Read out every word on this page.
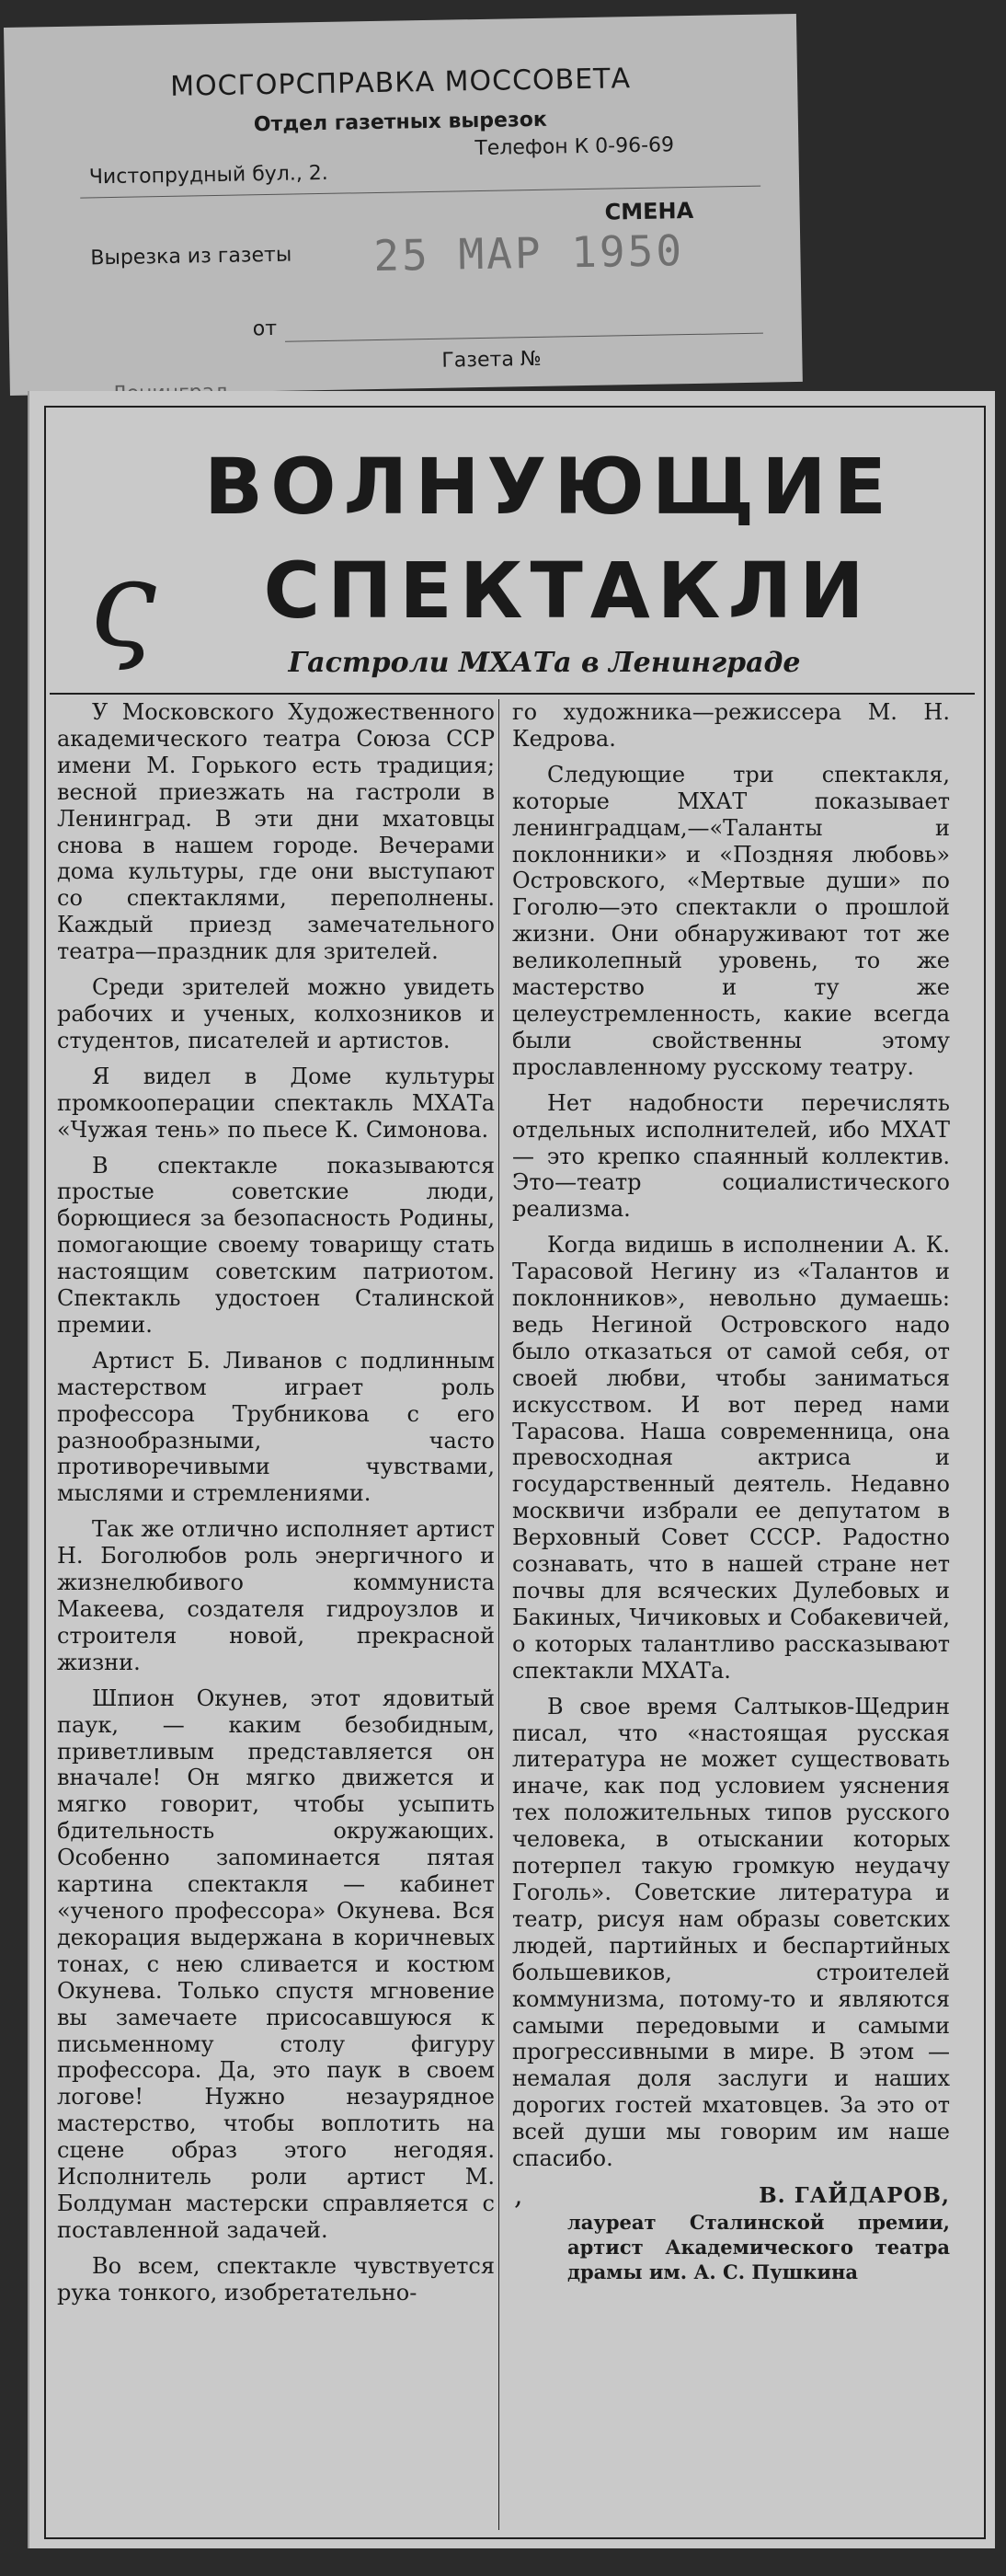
МОСГОРСПРАВКА МОССОВЕТА
Отдел газетных вырезок
Телефон К 0-96-69
Чистопрудный бул., 2.
СМЕНА
Вырезка из газеты 25 МАР 1950
от
Газета №
ВОЛНУЮЩИЕ
ς	СПЕКТАКЛИ
Гастроли МХАТа в Ленинграде

У Московского Художественного академического театра Союза ССР имени М. Горького есть традиция; весной приезжать на гастроли в Ленинград. В эти дни мхатовцы снова в нашем городе. Вечерами дома культуры, где они выступают со спектаклями, переполнены. Каждый приезд замечательного театра—праздник для зрителей.

Среди зрителей можно увидеть рабочих и ученых, колхозников и студентов, писателей и артистов.

Я видел в Доме культуры промкооперации спектакль МХАТа «Чужая тень» по пьесе К. Симонова.

В спектакле показываются простые советские люди, борющиеся за безопасность Родины, помогающие своему товарищу стать настоящим советским патриотом. Спектакль удостоен Сталинской премии.

Артист Б. Ливанов с подлинным мастерством играет роль профессора Трубникова с его разнообразными, часто противоречивыми чувствами, мыслями и стремлениями.

Так же отлично исполняет артист Н. Боголюбов роль энергичного и жизнелюбивого коммуниста Макеева, создателя гидроузлов и строителя новой, прекрасной жизни.

Шпион Окунев, этот ядовитый паук, — каким безобидным, приветливым представляется он вначале! Он мягко движется и мягко говорит, чтобы усыпить бдительность окружающих. Особенно запоминается пятая картина спектакля — кабинет «ученого профессора» Окунева. Вся декорация выдержана в коричневых тонах, с нею сливается и костюм Окунева. Только спустя мгновение вы замечаете присосавшуюся к письменному столу фигуру профессора. Да, это паук в своем логове! Нужно незаурядное мастерство, чтобы воплотить на сцене образ этого негодяя. Исполнитель роли артист М. Болдуман мастерски справляется с поставленной задачей.

Во всем, спектакле чувствуется рука тонкого, изобретательно-

го художника—режиссера М. Н. Кедрова.

Следующие три спектакля, которые МХАТ показывает ленинградцам,—«Таланты и поклонники» и «Поздняя любовь» Островского, «Мертвые души» по Гоголю—это спектакли о прошлой жизни. Они обнаруживают тот же великолепный уровень, то же мастерство и ту же целеустремленность, какие всегда были свойственны этому прославленному русскому театру.

Нет надобности перечислять отдельных исполнителей, ибо МХАТ — это крепко спаянный коллектив. Это—театр социалистического реализма.

Когда видишь в исполнении А. К. Тарасовой Негину из «Талантов и поклонников», невольно думаешь: ведь Негиной Островского надо было отказаться от самой себя, от своей любви, чтобы заниматься искусством. И вот перед нами Тарасова. Наша современница, она превосходная актриса и государственный деятель. Недавно москвичи избрали ее депутатом в Верховный Совет СССР. Радостно сознавать, что в нашей стране нет почвы для всяческих Дулебовых и Бакиных, Чичиковых и Собакевичей, о которых талантливо рассказывают спектакли МХАТа.

В свое время Салтыков-Щедрин писал, что «настоящая русская литература не может существовать иначе, как под условием уяснения тех положительных типов русского человека, в отыскании которых потерпел такую громкую неудачу Гоголь». Советские литература и театр, рисуя нам образы советских людей, партийных и беспартийных большевиков, строителей коммунизма, потому-то и являются самыми передовыми и самыми прогрессивными в мире. В этом — немалая доля заслуги и наших дорогих гостей мхатовцев. За это от всей души мы говорим им наше спасибо.

,	В. ГАЙДАРОВ,
лауреат Сталинской премии, артист Академического театра драмы им. А. С. Пушкина
